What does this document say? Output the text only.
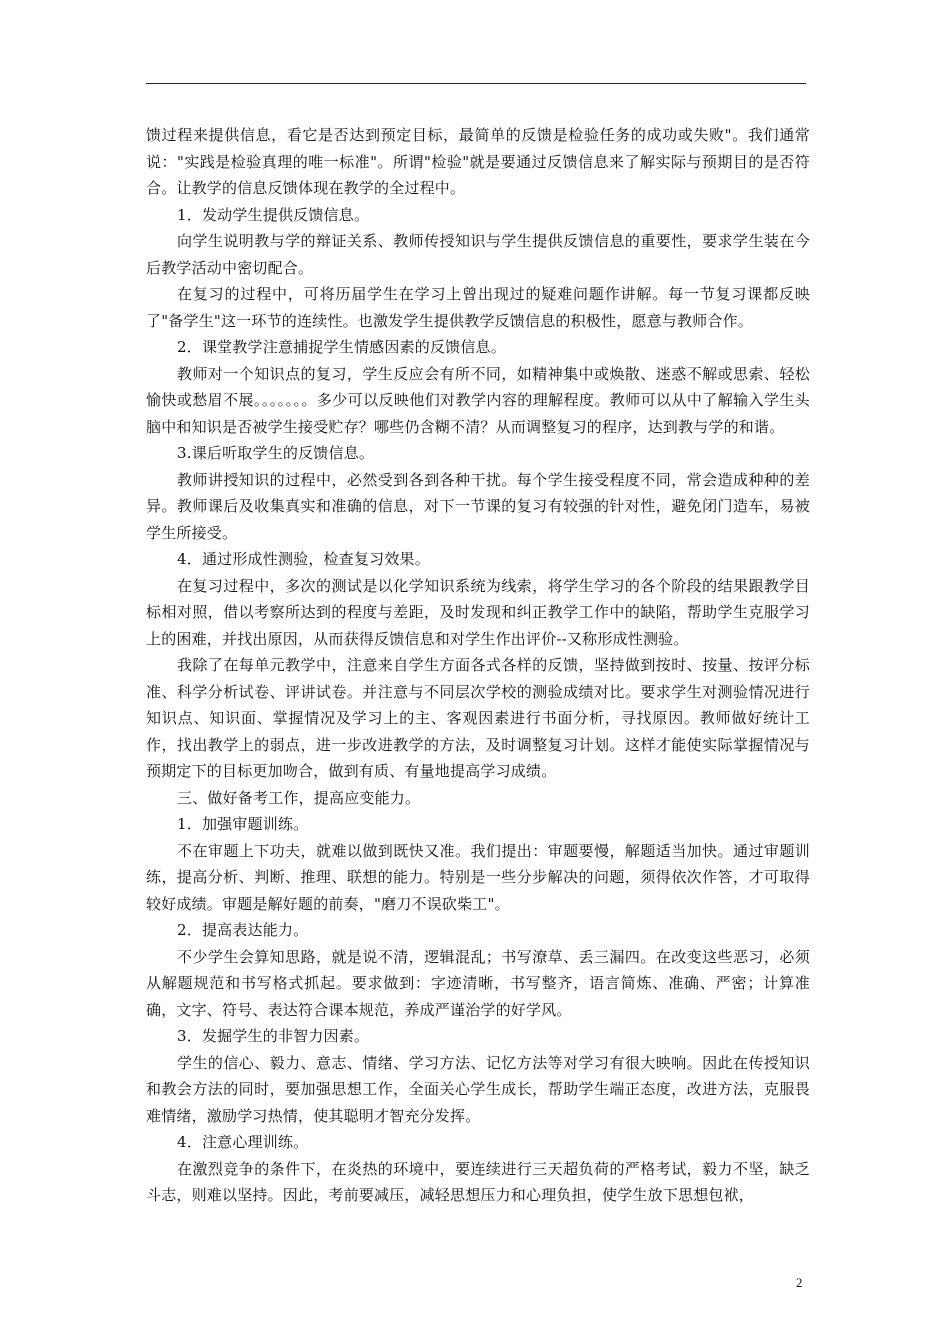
馈过程来提供信息，看它是否达到预定目标，最简单的反馈是检验任务的成功或失败"。我们通常说："实践是检验真理的唯一标准"。所谓"检验"就是要通过反馈信息来了解实际与预期目的是否符合。让教学的信息反馈体现在教学的全过程中。

1．发动学生提供反馈信息。

向学生说明教与学的辩证关系、教师传授知识与学生提供反馈信息的重要性，要求学生装在今后教学活动中密切配合。

在复习的过程中，可将历届学生在学习上曾出现过的疑难问题作讲解。每一节复习课都反映了"备学生"这一环节的连续性。也激发学生提供教学反馈信息的积极性，愿意与教师合作。

2．课堂教学注意捕捉学生情感因素的反馈信息。

教师对一个知识点的复习，学生反应会有所不同，如精神集中或焕散、迷惑不解或思索、轻松愉快或愁眉不展。。。。。。。多少可以反映他们对教学内容的理解程度。教师可以从中了解输入学生头脑中和知识是否被学生接受贮存？哪些仍含糊不清？从而调整复习的程序，达到教与学的和谐。

3.课后听取学生的反馈信息。

教师讲授知识的过程中，必然受到各到各种干扰。每个学生接受程度不同，常会造成种种的差异。教师课后及收集真实和准确的信息，对下一节课的复习有较强的针对性，避免闭门造车，易被学生所接受。

4．通过形成性测验，检查复习效果。

在复习过程中，多次的测试是以化学知识系统为线索，将学生学习的各个阶段的结果跟教学目标相对照，借以考察所达到的程度与差距，及时发现和纠正教学工作中的缺陷，帮助学生克服学习上的困难，并找出原因，从而获得反馈信息和对学生作出评价--又称形成性测验。

我除了在每单元教学中，注意来自学生方面各式各样的反馈，坚持做到按时、按量、按评分标准、科学分析试卷、评讲试卷。并注意与不同层次学校的测验成绩对比。要求学生对测验情况进行知识点、知识面、掌握情况及学习上的主、客观因素进行书面分析，寻找原因。教师做好统计工作，找出教学上的弱点，进一步改进教学的方法，及时调整复习计划。这样才能使实际掌握情况与预期定下的目标更加吻合，做到有质、有量地提高学习成绩。

三、做好备考工作，提高应变能力。

1．加强审题训练。

不在审题上下功夫，就难以做到既快又准。我们提出：审题要慢，解题适当加快。通过审题训练，提高分析、判断、推理、联想的能力。特别是一些分步解决的问题，须得依次作答，才可取得较好成绩。审题是解好题的前奏，"磨刀不误砍柴工"。

2．提高表达能力。

不少学生会算知思路，就是说不清，逻辑混乱；书写潦草、丢三漏四。在改变这些恶习，必须从解题规范和书写格式抓起。要求做到：字迹清晰，书写整齐，语言简炼、准确、严密；计算准确，文字、符号、表达符合课本规范，养成严谨治学的好学风。

3．发掘学生的非智力因素。

学生的信心、毅力、意志、情绪、学习方法、记忆方法等对学习有很大映响。因此在传授知识和教会方法的同时，要加强思想工作，全面关心学生成长，帮助学生端正态度，改进方法，克服畏难情绪，激励学习热情，使其聪明才智充分发挥。

4．注意心理训练。

在激烈竞争的条件下，在炎热的环境中，要连续进行三天超负荷的严格考试，毅力不坚，缺乏斗志，则难以坚持。因此，考前要减压，减轻思想压力和心理负担，使学生放下思想包袱，

2
